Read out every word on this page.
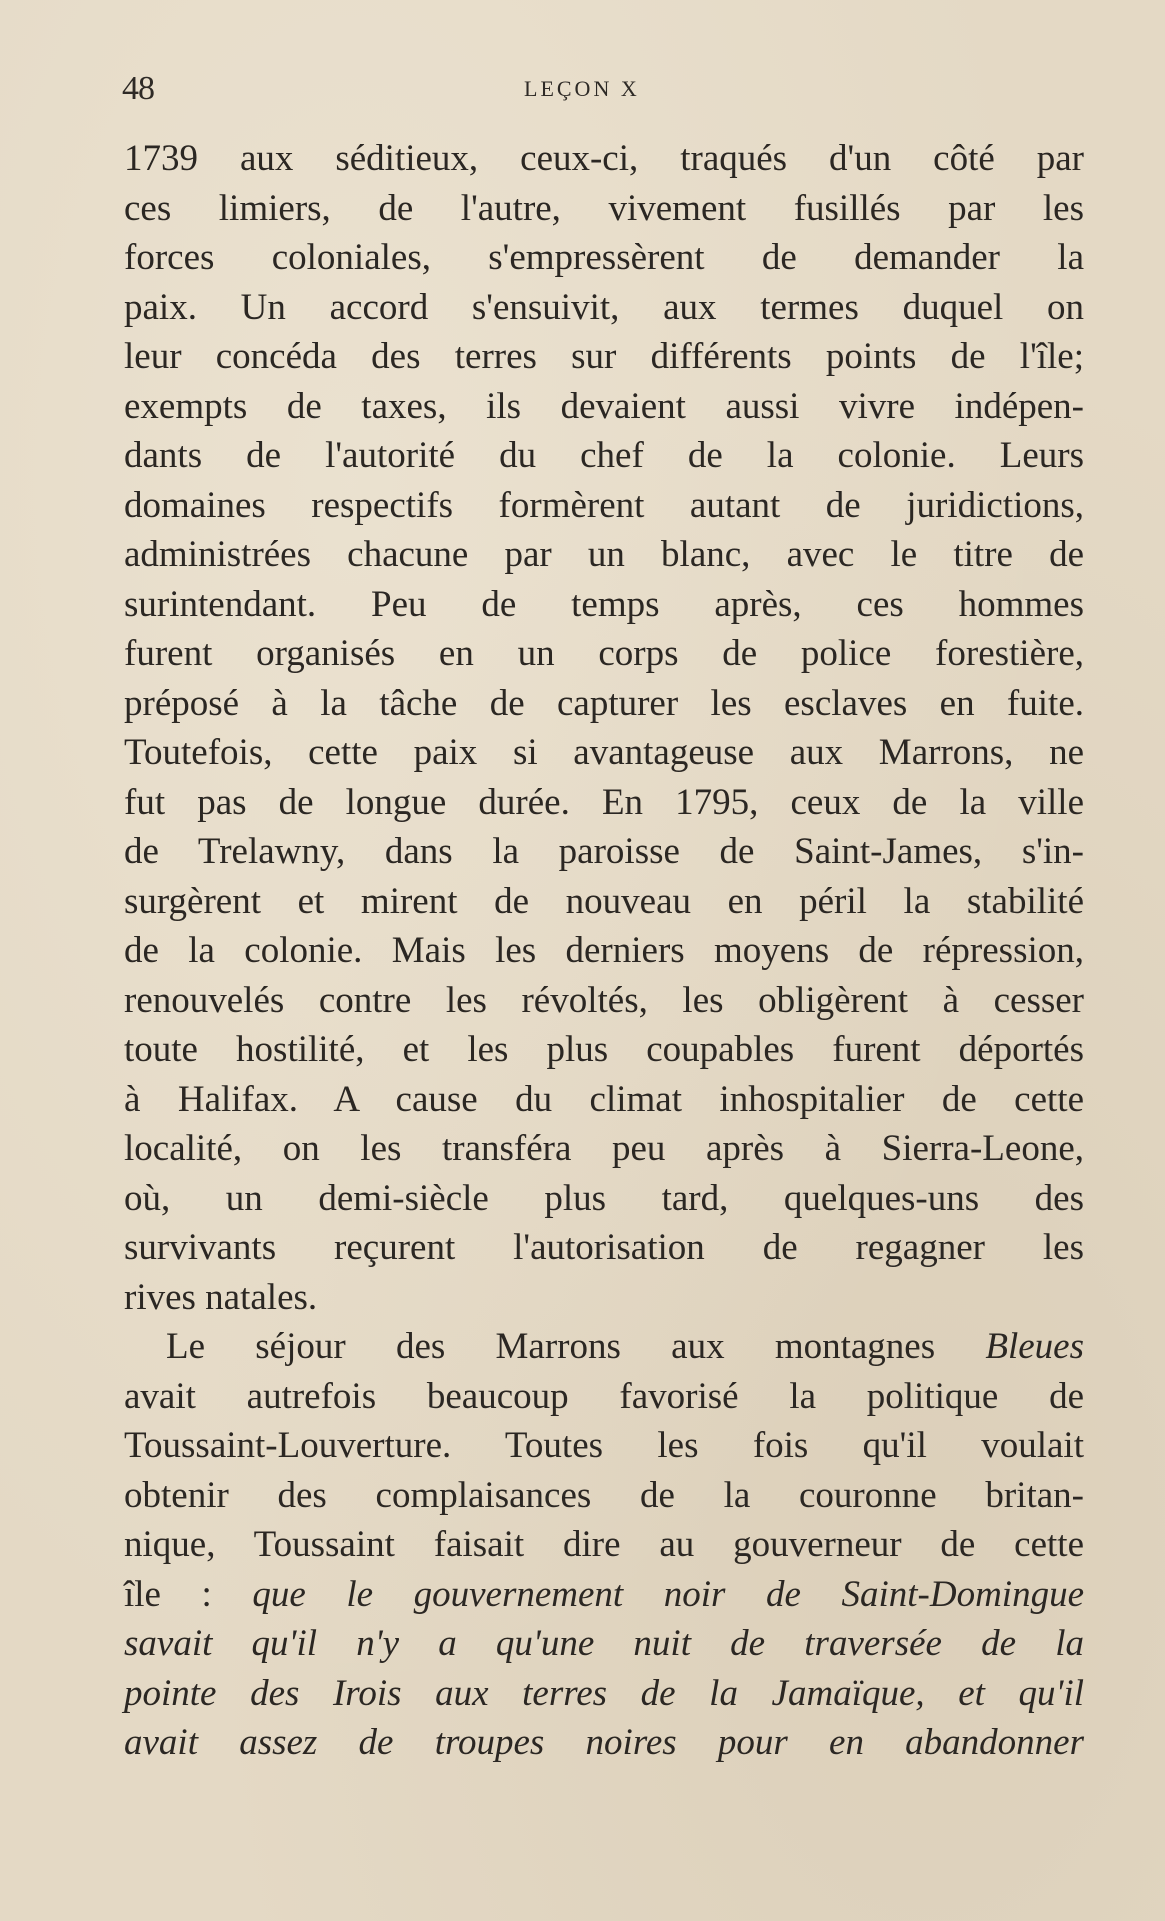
48	LEÇON X
1739 aux séditieux, ceux-ci, traqués d'un côté par
ces limiers, de l'autre, vivement fusillés par les
forces coloniales, s'empressèrent de demander la
paix. Un accord s'ensuivit, aux termes duquel on
leur concéda des terres sur différents points de l'île;
exempts de taxes, ils devaient aussi vivre indépen-
dants de l'autorité du chef de la colonie. Leurs
domaines respectifs formèrent autant de juridictions,
administrées chacune par un blanc, avec le titre de
surintendant. Peu de temps après, ces hommes
furent organisés en un corps de police forestière,
préposé à la tâche de capturer les esclaves en fuite.
Toutefois, cette paix si avantageuse aux Marrons, ne
fut pas de longue durée. En 1795, ceux de la ville
de Trelawny, dans la paroisse de Saint-James, s'in-
surgèrent et mirent de nouveau en péril la stabilité
de la colonie. Mais les derniers moyens de répression,
renouvelés contre les révoltés, les obligèrent à cesser
toute hostilité, et les plus coupables furent déportés
à Halifax. A cause du climat inhospitalier de cette
localité, on les transféra peu après à Sierra-Leone,
où, un demi-siècle plus tard, quelques-uns des
survivants reçurent l'autorisation de regagner les
rives natales.
Le séjour des Marrons aux montagnes Bleues
avait autrefois beaucoup favorisé la politique de
Toussaint-Louverture. Toutes les fois qu'il voulait
obtenir des complaisances de la couronne britan-
nique, Toussaint faisait dire au gouverneur de cette
île : que le gouvernement noir de Saint-Domingue
savait qu'il n'y a qu'une nuit de traversée de la
pointe des Irois aux terres de la Jamaïque, et qu'il
avait assez de troupes noires pour en abandonner
